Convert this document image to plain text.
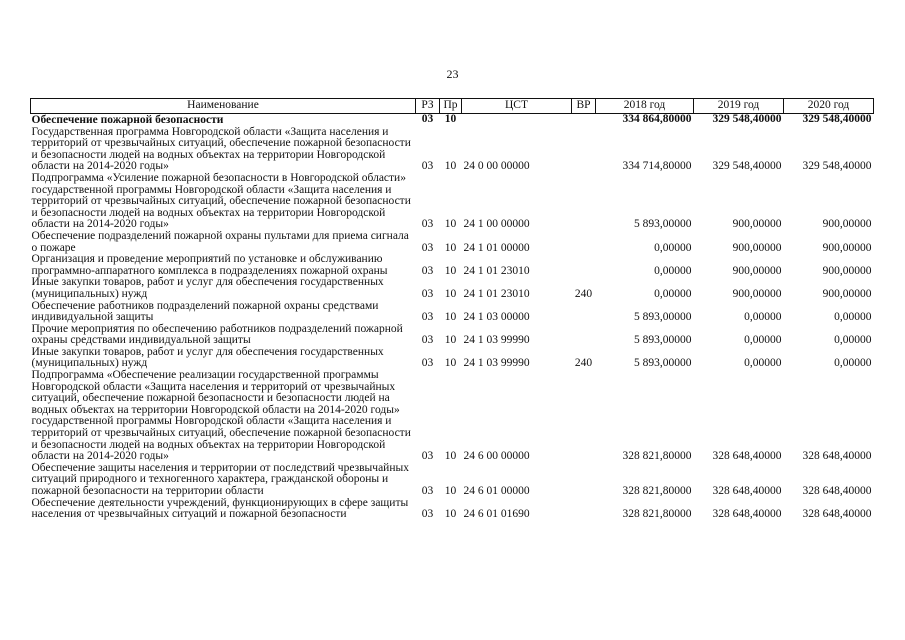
23
Наименование	РЗ	Пр	ЦСТ	ВР	2018 год	2019 год	2020 год
Обеспечение пожарной безопасности	03	10			334 864,80000	329 548,40000	329 548,40000
Государственная программа Новгородской области «Защита населения и территорий от чрезвычайных ситуаций, обеспечение пожарной безопасности и безопасности людей на водных объектах на территории Новгородской области на 2014-2020 годы»	03	10	24 0 00 00000		334 714,80000	329 548,40000	329 548,40000
Подпрограмма «Усиление пожарной безопасности в Новгородской области» государственной программы Новгородской области «Защита населения и территорий от чрезвычайных ситуаций, обеспечение пожарной безопасности и безопасности людей на водных объектах на территории Новгородской области на 2014-2020 годы»	03	10	24 1 00 00000		5 893,00000	900,00000	900,00000
Обеспечение подразделений пожарной охраны пультами для приема сигнала о пожаре	03	10	24 1 01 00000		0,00000	900,00000	900,00000
Организация и проведение мероприятий по установке и обслуживанию программно-аппаратного комплекса в подразделениях пожарной охраны	03	10	24 1 01 23010		0,00000	900,00000	900,00000
Иные закупки товаров, работ и услуг для обеспечения государственных (муниципальных) нужд	03	10	24 1 01 23010	240	0,00000	900,00000	900,00000
Обеспечение работников подразделений пожарной охраны средствами индивидуальной защиты	03	10	24 1 03 00000		5 893,00000	0,00000	0,00000
Прочие мероприятия по обеспечению работников подразделений пожарной охраны средствами индивидуальной защиты	03	10	24 1 03 99990		5 893,00000	0,00000	0,00000
Иные закупки товаров, работ и услуг для обеспечения государственных (муниципальных) нужд	03	10	24 1 03 99990	240	5 893,00000	0,00000	0,00000
Подпрограмма «Обеспечение реализации государственной программы Новгородской области «Защита населения и территорий от чрезвычайных ситуаций, обеспечение пожарной безопасности и безопасности людей на водных объектах на территории Новгородской области на 2014-2020 годы» государственной программы Новгородской области «Защита населения и территорий от чрезвычайных ситуаций, обеспечение пожарной безопасности и безопасности людей на водных объектах на территории Новгородской области на 2014-2020 годы»	03	10	24 6 00 00000		328 821,80000	328 648,40000	328 648,40000
Обеспечение защиты населения и территории от последствий чрезвычайных ситуаций природного и техногенного характера, гражданской обороны и пожарной безопасности на территории области	03	10	24 6 01 00000		328 821,80000	328 648,40000	328 648,40000
Обеспечение деятельности учреждений, функционирующих в сфере защиты населения от чрезвычайных ситуаций и пожарной безопасности	03	10	24 6 01 01690		328 821,80000	328 648,40000	328 648,40000
